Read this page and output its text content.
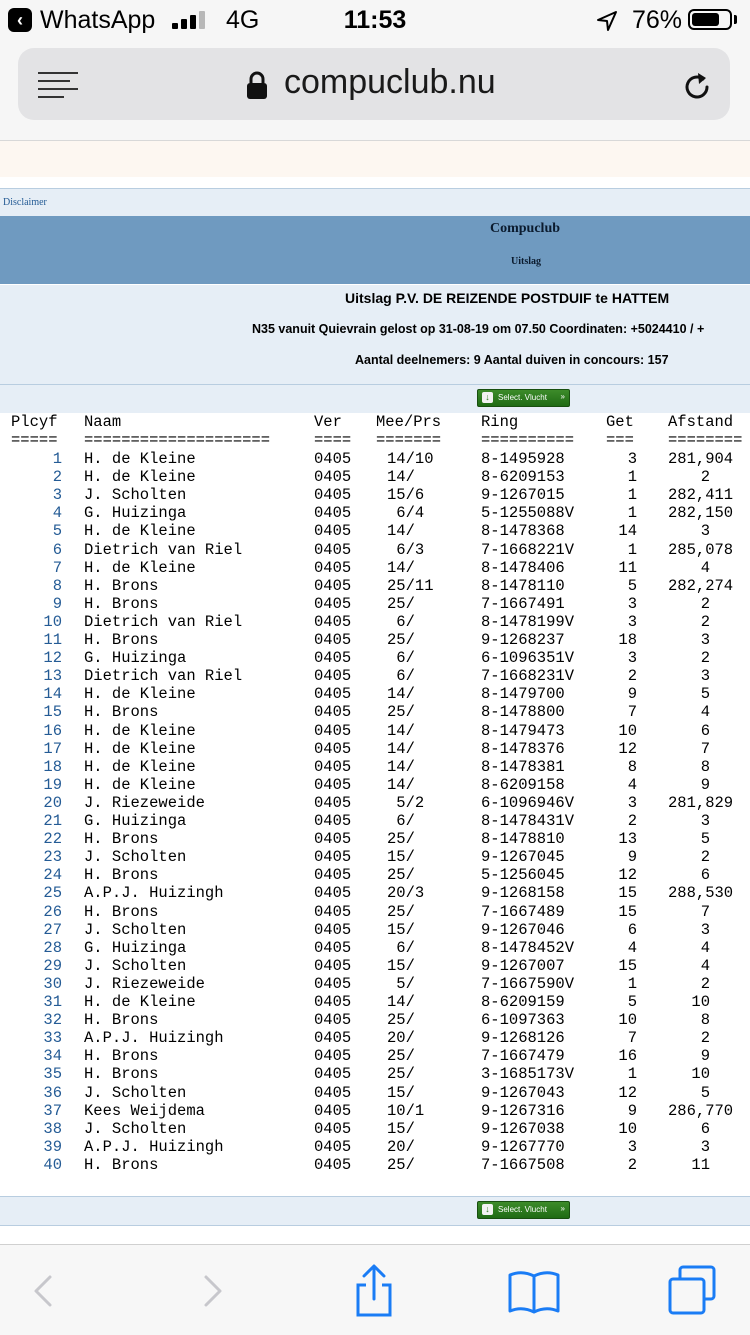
‹ WhatsApp	4G	11:53	76%
compuclub.nu
Disclaimer
Compuclub
Uitslag
Uitslag P.V. DE REIZENDE POSTDUIF te HATTEM
N35 vanuit Quievrain gelost op 31-08-19 om 07.50 Coordinaten: +5024410 / +
Aantal deelnemers: 9 Aantal duiven in concours: 157
↓	Select. Vlucht »
Plcyf Naam	Ver Mee/Prs	Ring	Get Afstand
===== ====================	==== =======	========== === ========
1 H. de Kleine	0405 14/10	8-1495928	3 281,904
2 H. de Kleine	0405 14/	8-6209153	1	2
3 J. Scholten	0405 15/6	9-1267015	1 282,411
4 G. Huizinga	0405	6/4	5-1255088V	1 282,150
5 H. de Kleine	0405 14/	8-1478368	14	3
6 Dietrich van Riel	0405	6/3	7-1668221V	1 285,078
7 H. de Kleine	0405 14/	8-1478406	11	4
8 H. Brons	0405 25/11	8-1478110	5 282,274
9 H. Brons	0405 25/	7-1667491	3	2
10 Dietrich van Riel	0405	6/	8-1478199V	3	2
11 H. Brons	0405 25/	9-1268237	18	3
12 G. Huizinga	0405	6/	6-1096351V	3	2
13 Dietrich van Riel	0405	6/	7-1668231V	2	3
14 H. de Kleine	0405 14/	8-1479700	9	5
15 H. Brons	0405 25/	8-1478800	7	4
16 H. de Kleine	0405 14/	8-1479473	10	6
17 H. de Kleine	0405 14/	8-1478376	12	7
18 H. de Kleine	0405 14/	8-1478381	8	8
19 H. de Kleine	0405 14/	8-6209158	4	9
20 J. Riezeweide	0405	5/2	6-1096946V	3 281,829
21 G. Huizinga	0405	6/	8-1478431V	2	3
22 H. Brons	0405 25/	8-1478810	13	5
23 J. Scholten	0405 15/	9-1267045	9	2
24 H. Brons	0405 25/	5-1256045	12	6
25 A.P.J. Huizingh	0405 20/3	9-1268158	15 288,530
26 H. Brons	0405 25/	7-1667489	15	7
27 J. Scholten	0405 15/	9-1267046	6	3
28 G. Huizinga	0405	6/	8-1478452V	4	4
29 J. Scholten	0405 15/	9-1267007	15	4
30 J. Riezeweide	0405	5/	7-1667590V	1	2
31 H. de Kleine	0405 14/	8-6209159	5	10
32 H. Brons	0405 25/	6-1097363	10	8
33 A.P.J. Huizingh	0405 20/	9-1268126	7	2
34 H. Brons	0405 25/	7-1667479	16	9
35 H. Brons	0405 25/	3-1685173V	1	10
36 J. Scholten	0405 15/	9-1267043	12	5
37 Kees Weijdema	0405 10/1	9-1267316	9 286,770
38 J. Scholten	0405 15/	9-1267038	10	6
39 A.P.J. Huizingh	0405 20/	9-1267770	3	3
40 H. Brons	0405 25/	7-1667508	2	11
↓	Select. Vlucht »
